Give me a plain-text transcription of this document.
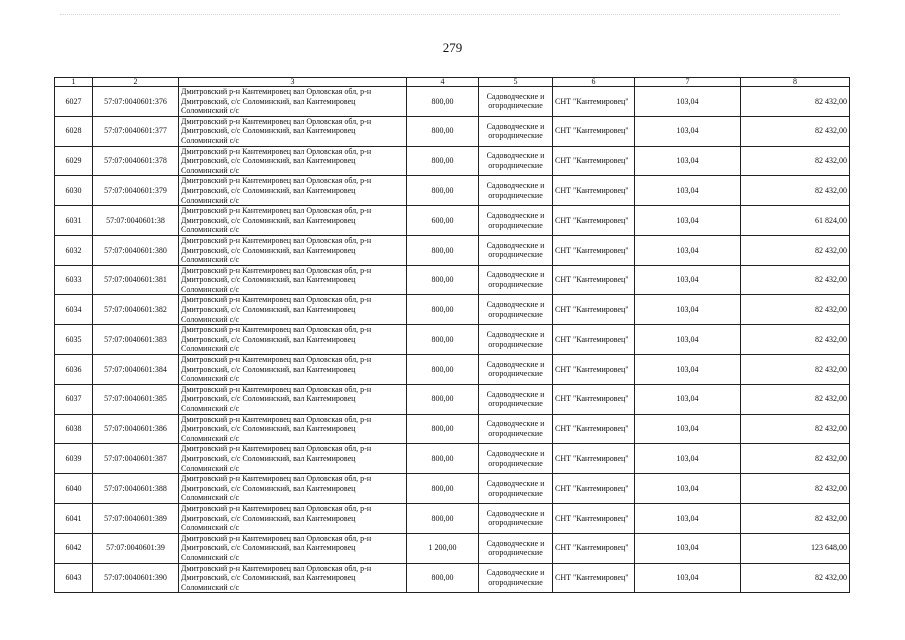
279
1	2	3	4	5	6	7	8
6027	57:07:0040601:376	Дмитровский р-н Кантемировец вал Орловская обл, р-н Дмитровский, с/с Соломинский, вал Кантемировец Соломинский с/с	800,00	Садоводческие и огороднические	СНТ "Кантемировец"	103,04	82 432,00
6028	57:07:0040601:377	Дмитровский р-н Кантемировец вал Орловская обл, р-н Дмитровский, с/с Соломинский, вал Кантемировец Соломинский с/с	800,00	Садоводческие и огороднические	СНТ "Кантемировец"	103,04	82 432,00
6029	57:07:0040601:378	Дмитровский р-н Кантемировец вал Орловская обл, р-н Дмитровский, с/с Соломинский, вал Кантемировец Соломинский с/с	800,00	Садоводческие и огороднические	СНТ "Кантемировец"	103,04	82 432,00
6030	57:07:0040601:379	Дмитровский р-н Кантемировец вал Орловская обл, р-н Дмитровский, с/с Соломинский, вал Кантемировец Соломинский с/с	800,00	Садоводческие и огороднические	СНТ "Кантемировец"	103,04	82 432,00
6031	57:07:0040601:38	Дмитровский р-н Кантемировец вал Орловская обл, р-н Дмитровский, с/с Соломинский, вал Кантемировец Соломинский с/с	600,00	Садоводческие и огороднические	СНТ "Кантемировец"	103,04	61 824,00
6032	57:07:0040601:380	Дмитровский р-н Кантемировец вал Орловская обл, р-н Дмитровский, с/с Соломинский, вал Кантемировец Соломинский с/с	800,00	Садоводческие и огороднические	СНТ "Кантемировец"	103,04	82 432,00
6033	57:07:0040601:381	Дмитровский р-н Кантемировец вал Орловская обл, р-н Дмитровский, с/с Соломинский, вал Кантемировец Соломинский с/с	800,00	Садоводческие и огороднические	СНТ "Кантемировец"	103,04	82 432,00
6034	57:07:0040601:382	Дмитровский р-н Кантемировец вал Орловская обл, р-н Дмитровский, с/с Соломинский, вал Кантемировец Соломинский с/с	800,00	Садоводческие и огороднические	СНТ "Кантемировец"	103,04	82 432,00
6035	57:07:0040601:383	Дмитровский р-н Кантемировец вал Орловская обл, р-н Дмитровский, с/с Соломинский, вал Кантемировец Соломинский с/с	800,00	Садоводческие и огороднические	СНТ "Кантемировец"	103,04	82 432,00
6036	57:07:0040601:384	Дмитровский р-н Кантемировец вал Орловская обл, р-н Дмитровский, с/с Соломинский, вал Кантемировец Соломинский с/с	800,00	Садоводческие и огороднические	СНТ "Кантемировец"	103,04	82 432,00
6037	57:07:0040601:385	Дмитровский р-н Кантемировец вал Орловская обл, р-н Дмитровский, с/с Соломинский, вал Кантемировец Соломинский с/с	800,00	Садоводческие и огороднические	СНТ "Кантемировец"	103,04	82 432,00
6038	57:07:0040601:386	Дмитровский р-н Кантемировец вал Орловская обл, р-н Дмитровский, с/с Соломинский, вал Кантемировец Соломинский с/с	800,00	Садоводческие и огороднические	СНТ "Кантемировец"	103,04	82 432,00
6039	57:07:0040601:387	Дмитровский р-н Кантемировец вал Орловская обл, р-н Дмитровский, с/с Соломинский, вал Кантемировец Соломинский с/с	800,00	Садоводческие и огороднические	СНТ "Кантемировец"	103,04	82 432,00
6040	57:07:0040601:388	Дмитровский р-н Кантемировец вал Орловская обл, р-н Дмитровский, с/с Соломинский, вал Кантемировец Соломинский с/с	800,00	Садоводческие и огороднические	СНТ "Кантемировец"	103,04	82 432,00
6041	57:07:0040601:389	Дмитровский р-н Кантемировец вал Орловская обл, р-н Дмитровский, с/с Соломинский, вал Кантемировец Соломинский с/с	800,00	Садоводческие и огороднические	СНТ "Кантемировец"	103,04	82 432,00
6042	57:07:0040601:39	Дмитровский р-н Кантемировец вал Орловская обл, р-н Дмитровский, с/с Соломинский, вал Кантемировец Соломинский с/с	1 200,00	Садоводческие и огороднические	СНТ "Кантемировец"	103,04	123 648,00
6043	57:07:0040601:390	Дмитровский р-н Кантемировец вал Орловская обл, р-н Дмитровский, с/с Соломинский, вал Кантемировец Соломинский с/с	800,00	Садоводческие и огороднические	СНТ "Кантемировец"	103,04	82 432,00
